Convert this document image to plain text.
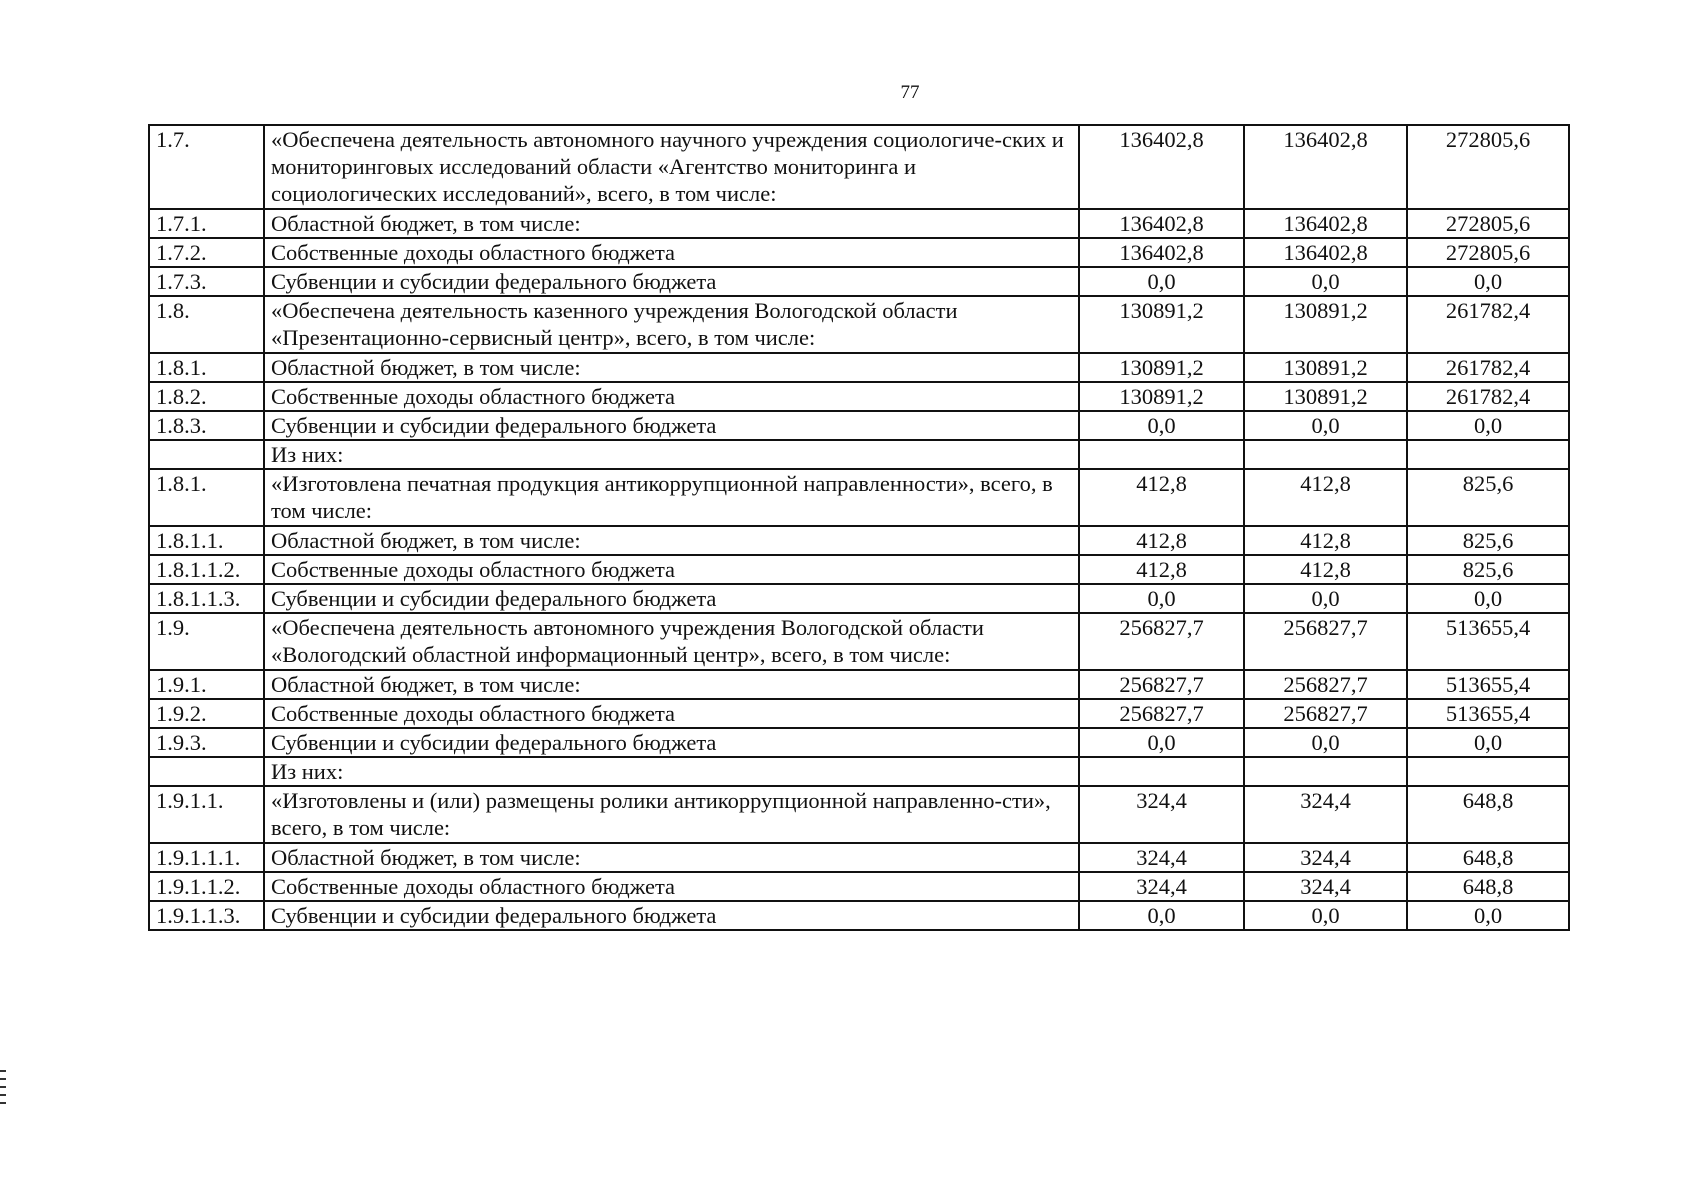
77
1.7.	«Обеспечена деятельность автономного научного учреждения социологиче-ских и мониторинговых исследований области «Агентство мониторинга и социологических исследований», всего, в том числе:	136402,8	136402,8	272805,6
1.7.1.	Областной бюджет, в том числе:	136402,8	136402,8	272805,6
1.7.2.	Собственные доходы областного бюджета	136402,8	136402,8	272805,6
1.7.3.	Субвенции и субсидии федерального бюджета	0,0	0,0	0,0
1.8.	«Обеспечена деятельность казенного учреждения Вологодской области «Презентационно-сервисный центр», всего, в том числе:	130891,2	130891,2	261782,4
1.8.1.	Областной бюджет, в том числе:	130891,2	130891,2	261782,4
1.8.2.	Собственные доходы областного бюджета	130891,2	130891,2	261782,4
1.8.3.	Субвенции и субсидии федерального бюджета	0,0	0,0	0,0
	Из них:			
1.8.1.	«Изготовлена печатная продукция антикоррупционной направленности», всего, в том числе:	412,8	412,8	825,6
1.8.1.1.	Областной бюджет, в том числе:	412,8	412,8	825,6
1.8.1.1.2.	Собственные доходы областного бюджета	412,8	412,8	825,6
1.8.1.1.3.	Субвенции и субсидии федерального бюджета	0,0	0,0	0,0
1.9.	«Обеспечена деятельность автономного учреждения Вологодской области «Вологодский областной информационный центр», всего, в том числе:	256827,7	256827,7	513655,4
1.9.1.	Областной бюджет, в том числе:	256827,7	256827,7	513655,4
1.9.2.	Собственные доходы областного бюджета	256827,7	256827,7	513655,4
1.9.3.	Субвенции и субсидии федерального бюджета	0,0	0,0	0,0
	Из них:			
1.9.1.1.	«Изготовлены и (или) размещены ролики антикоррупционной направленно-сти», всего, в том числе:	324,4	324,4	648,8
1.9.1.1.1.	Областной бюджет, в том числе:	324,4	324,4	648,8
1.9.1.1.2.	Собственные доходы областного бюджета	324,4	324,4	648,8
1.9.1.1.3.	Субвенции и субсидии федерального бюджета	0,0	0,0	0,0
